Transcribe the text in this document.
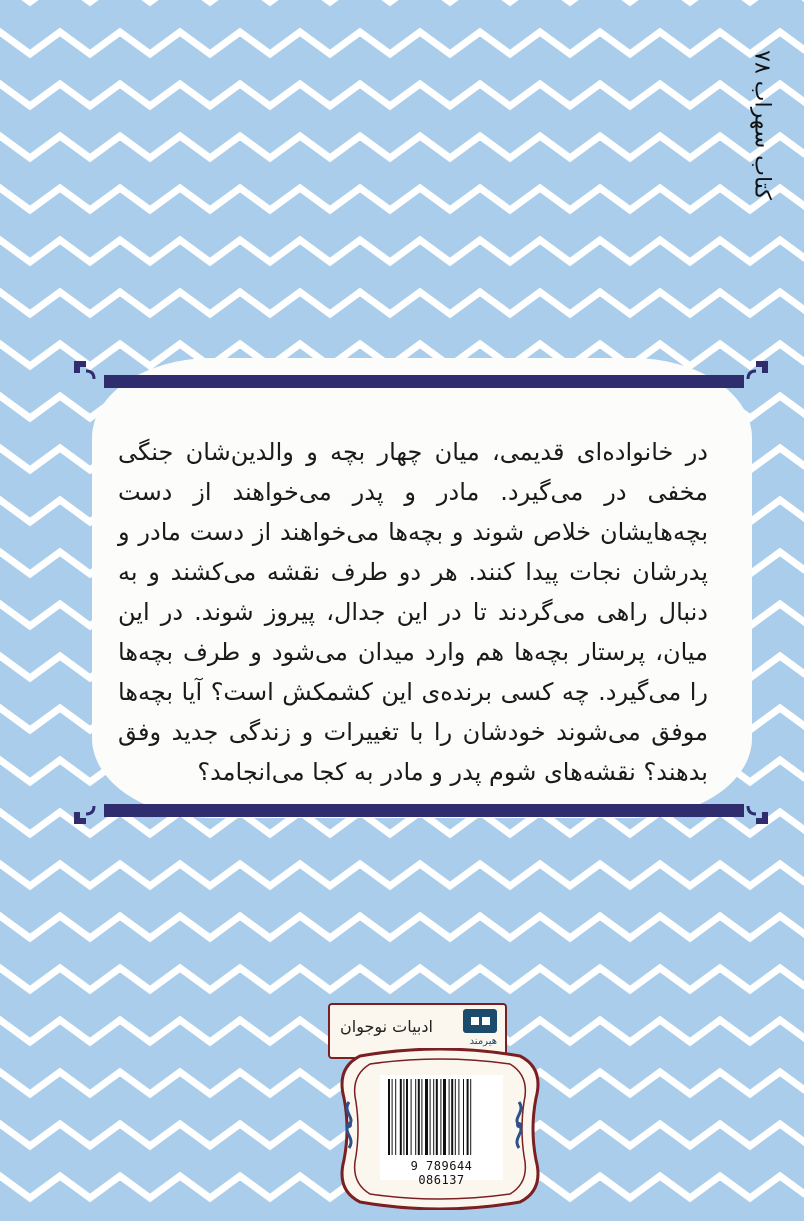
کتاب سهراب ۷۸
در خانواده‌ای قدیمی، میان چهار بچه و والدین‌شان جنگی مخفی در می‌گیرد. مادر و پدر می‌خواهند از دست بچه‌هایشان خلاص شوند و بچه‌ها می‌خواهند از دست مادر و پدرشان نجات پیدا کنند. هر دو طرف نقشه می‌کشند و به دنبال راهی می‌گردند تا در این جدال، پیروز شوند. در این میان، پرستار بچه‌ها هم وارد میدان می‌شود و طرف بچه‌ها را می‌گیرد. چه کسی برنده‌ی این کشمکش است؟ آیا بچه‌ها موفق می‌شوند خودشان را با تغییرات و زندگی جدید وفق بدهند؟ نقشه‌های شوم پدر و مادر به کجا می‌انجامد؟
ادبیات نوجوان
هیرمند
9 789644 086137
